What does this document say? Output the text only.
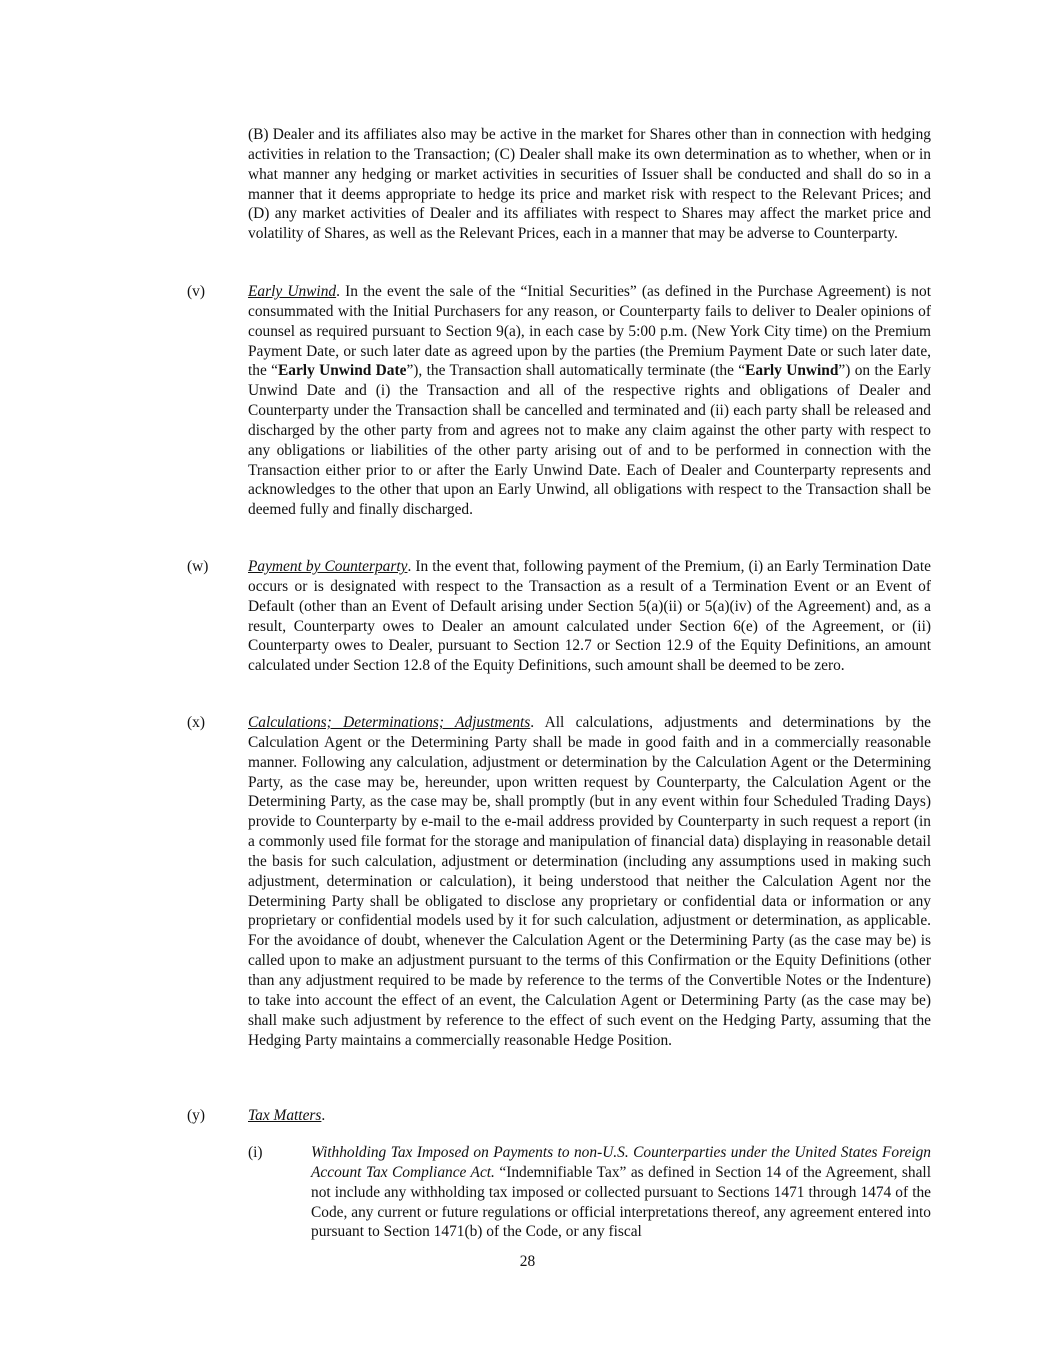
(B) Dealer and its affiliates also may be active in the market for Shares other than in connection with hedging activities in relation to the Transaction; (C) Dealer shall make its own determination as to whether, when or in what manner any hedging or market activities in securities of Issuer shall be conducted and shall do so in a manner that it deems appropriate to hedge its price and market risk with respect to the Relevant Prices; and (D) any market activities of Dealer and its affiliates with respect to Shares may affect the market price and volatility of Shares, as well as the Relevant Prices, each in a manner that may be adverse to Counterparty.

(v)	Early Unwind. In the event the sale of the “Initial Securities” (as defined in the Purchase Agreement) is not consummated with the Initial Purchasers for any reason, or Counterparty fails to deliver to Dealer opinions of counsel as required pursuant to Section 9(a), in each case by 5:00 p.m. (New York City time) on the Premium Payment Date, or such later date as agreed upon by the parties (the Premium Payment Date or such later date, the “Early Unwind Date”), the Transaction shall automatically terminate (the “Early Unwind”) on the Early Unwind Date and (i) the Transaction and all of the respective rights and obligations of Dealer and Counterparty under the Transaction shall be cancelled and terminated and (ii) each party shall be released and discharged by the other party from and agrees not to make any claim against the other party with respect to any obligations or liabilities of the other party arising out of and to be performed in connection with the Transaction either prior to or after the Early Unwind Date. Each of Dealer and Counterparty represents and acknowledges to the other that upon an Early Unwind, all obligations with respect to the Transaction shall be deemed fully and finally discharged.

(w)	Payment by Counterparty. In the event that, following payment of the Premium, (i) an Early Termination Date occurs or is designated with respect to the Transaction as a result of a Termination Event or an Event of Default (other than an Event of Default arising under Section 5(a)(ii) or 5(a)(iv) of the Agreement) and, as a result, Counterparty owes to Dealer an amount calculated under Section 6(e) of the Agreement, or (ii) Counterparty owes to Dealer, pursuant to Section 12.7 or Section 12.9 of the Equity Definitions, an amount calculated under Section 12.8 of the Equity Definitions, such amount shall be deemed to be zero.

(x)	Calculations; Determinations; Adjustments. All calculations, adjustments and determinations by the Calculation Agent or the Determining Party shall be made in good faith and in a commercially reasonable manner. Following any calculation, adjustment or determination by the Calculation Agent or the Determining Party, as the case may be, hereunder, upon written request by Counterparty, the Calculation Agent or the Determining Party, as the case may be, shall promptly (but in any event within four Scheduled Trading Days) provide to Counterparty by e-mail to the e-mail address provided by Counterparty in such request a report (in a commonly used file format for the storage and manipulation of financial data) displaying in reasonable detail the basis for such calculation, adjustment or determination (including any assumptions used in making such adjustment, determination or calculation), it being understood that neither the Calculation Agent nor the Determining Party shall be obligated to disclose any proprietary or confidential data or information or any proprietary or confidential models used by it for such calculation, adjustment or determination, as applicable. For the avoidance of doubt, whenever the Calculation Agent or the Determining Party (as the case may be) is called upon to make an adjustment pursuant to the terms of this Confirmation or the Equity Definitions (other than any adjustment required to be made by reference to the terms of the Convertible Notes or the Indenture) to take into account the effect of an event, the Calculation Agent or Determining Party (as the case may be) shall make such adjustment by reference to the effect of such event on the Hedging Party, assuming that the Hedging Party maintains a commercially reasonable Hedge Position.

(y)	Tax Matters.

(i)	Withholding Tax Imposed on Payments to non-U.S. Counterparties under the United States Foreign Account Tax Compliance Act. “Indemnifiable Tax” as defined in Section 14 of the Agreement, shall not include any withholding tax imposed or collected pursuant to Sections 1471 through 1474 of the Code, any current or future regulations or official interpretations thereof, any agreement entered into pursuant to Section 1471(b) of the Code, or any fiscal

28
